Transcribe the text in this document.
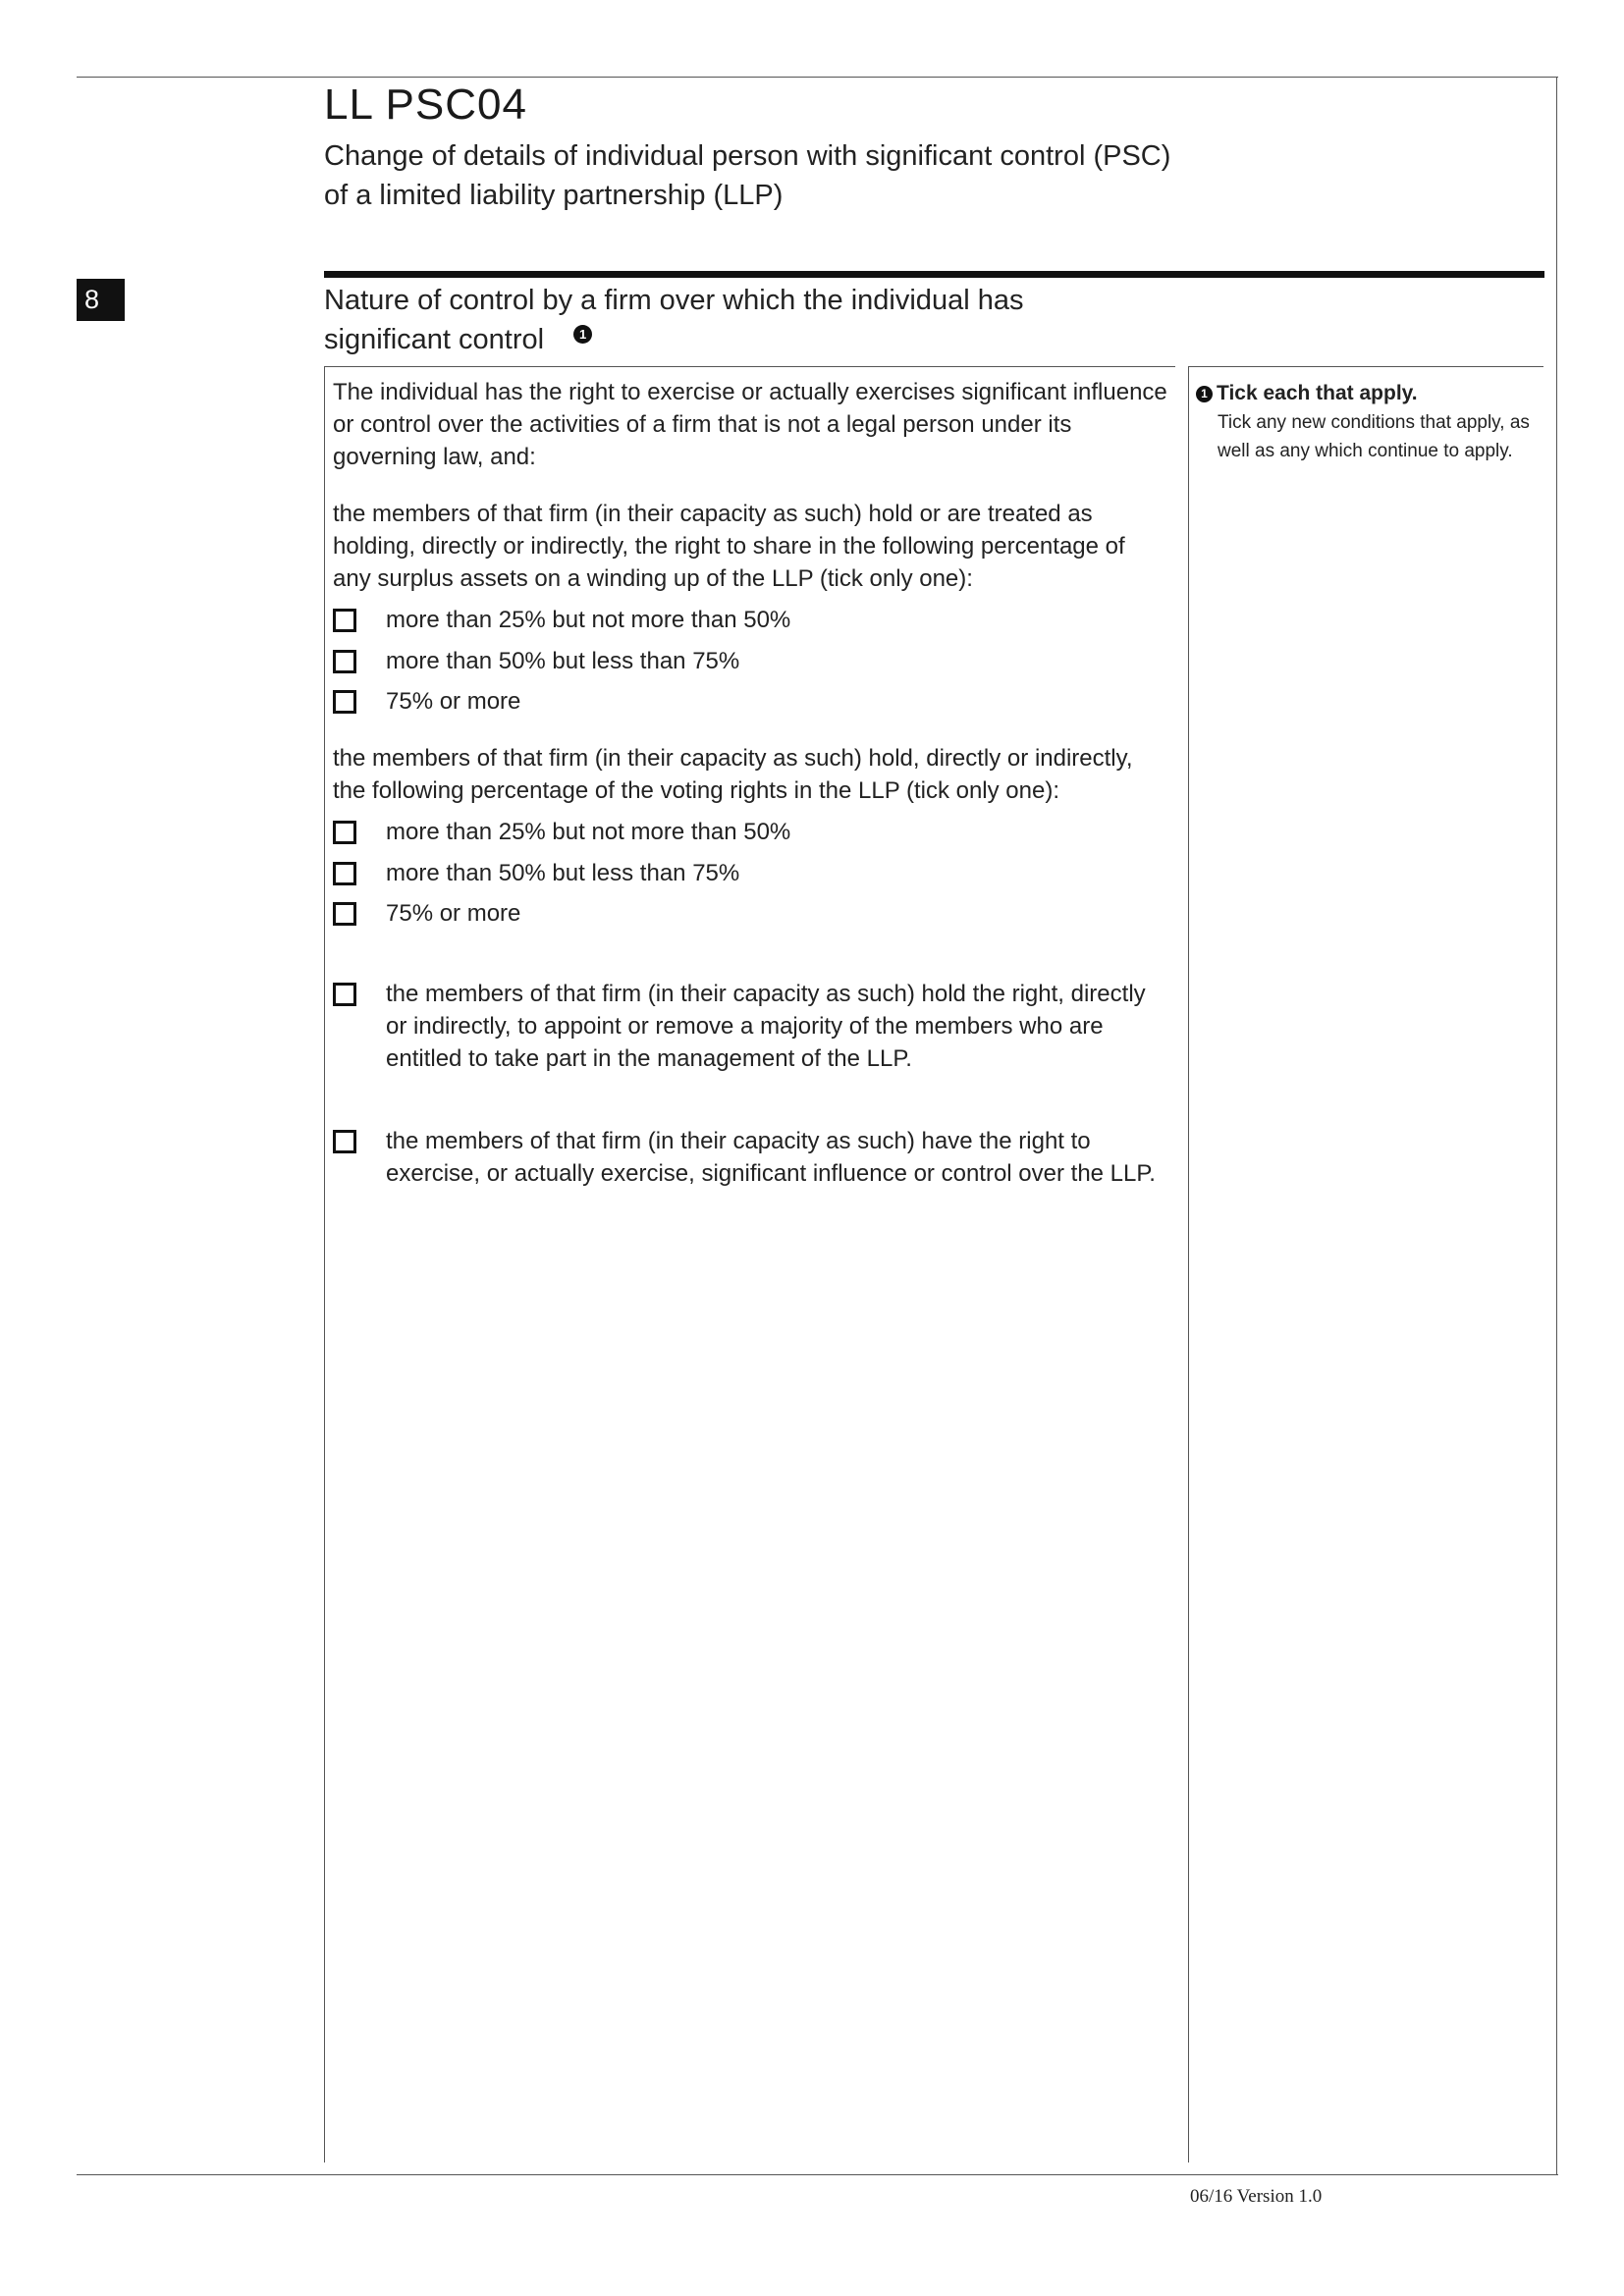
LL PSC04
Change of details of individual person with significant control (PSC)
of a limited liability partnership (LLP)
8	Nature of control by a firm over which the individual has
significant control	1
The individual has the right to exercise or actually exercises significant influence or control over the activities of a firm that is not a legal person under its governing law, and:
the members of that firm (in their capacity as such) hold or are treated as holding, directly or indirectly, the right to share in the following percentage of any surplus assets on a winding up of the LLP (tick only one):
more than 25% but not more than 50%
more than 50% but less than 75%
75% or more
the members of that firm (in their capacity as such) hold, directly or indirectly, the following percentage of the voting rights in the LLP (tick only one):
more than 25% but not more than 50%
more than 50% but less than 75%
75% or more
the members of that firm (in their capacity as such) hold the right, directly or indirectly, to appoint or remove a majority of the members who are entitled to take part in the management of the LLP.
the members of that firm (in their capacity as such) have the right to exercise, or actually exercise, significant influence or control over the LLP.
1 Tick each that apply.
Tick any new conditions that apply, as well as any which continue to apply.
06/16 Version 1.0
